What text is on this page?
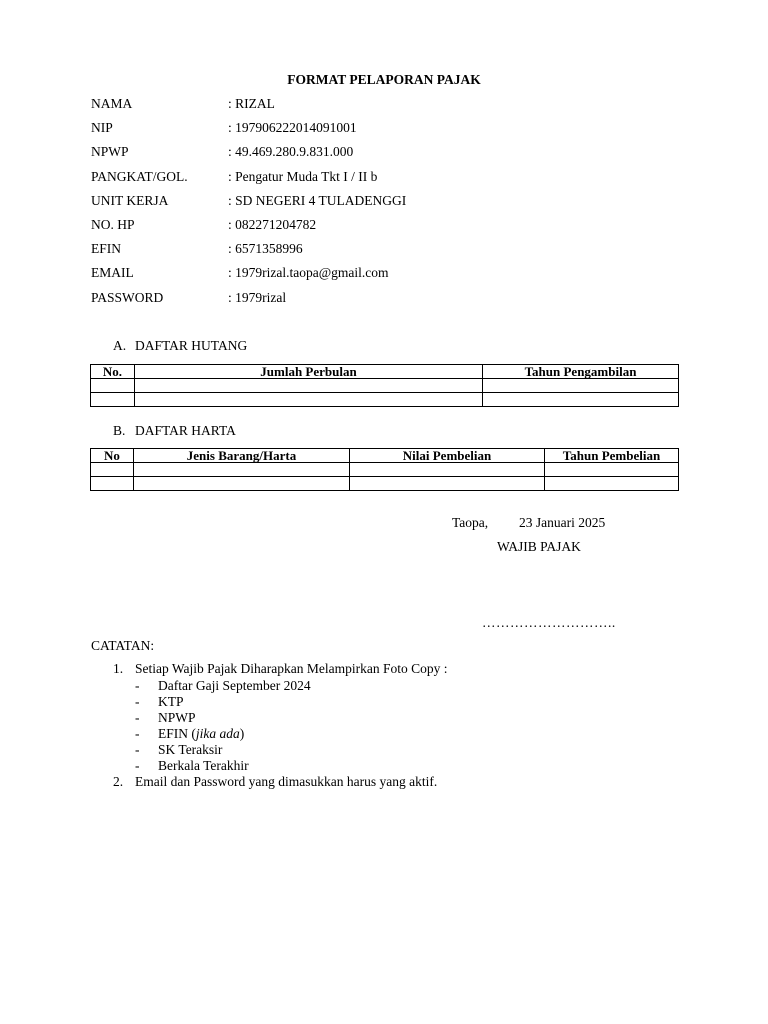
FORMAT PELAPORAN PAJAK
NAMA	: RIZAL
NIP	: 197906222014091001
NPWP	: 49.469.280.9.831.000
PANGKAT/GOL.	: Pengatur Muda Tkt I / II b
UNIT KERJA	: SD NEGERI 4 TULADENGGI
NO. HP	: 082271204782
EFIN	: 6571358996
EMAIL	: 1979rizal.taopa@gmail.com
PASSWORD	: 1979rizal
A. DAFTAR HUTANG
No.	Jumlah Perbulan	Tahun Pengambilan

B. DAFTAR HARTA
No	Jenis Barang/Harta	Nilai Pembelian	Tahun Pembelian

Taopa, 23 Januari 2025
WAJIB PAJAK
………………………..
CATATAN:
1. Setiap Wajib Pajak Diharapkan Melampirkan Foto Copy :
- Daftar Gaji September 2024
- KTP
- NPWP
- EFIN (jika ada)
- SK Teraksir
- Berkala Terakhir
2. Email dan Password yang dimasukkan harus yang aktif.
